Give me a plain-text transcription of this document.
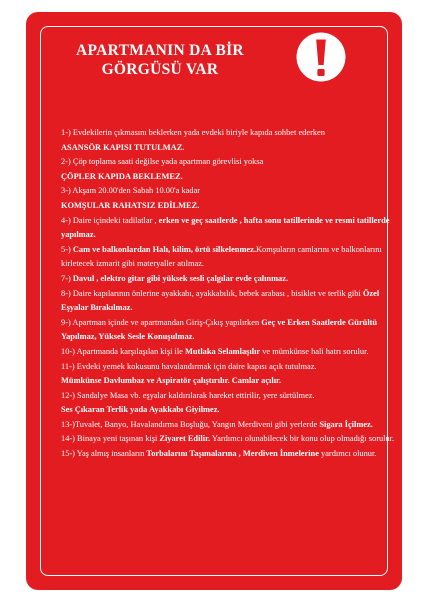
APARTMANIN DA BİR
GÖRGÜSÜ VAR

1-) Evdekilerin çıkmasını beklerken yada evdeki biriyle kapıda sohbet ederken
ASANSÖR KAPISI TUTULMAZ.

2-) Çöp toplama saati değilse yada apartman görevlisi yoksa
ÇÖPLER KAPIDA BEKLEMEZ.

3-) Akşam 20.00'den Sabah 10.00'a kadar
KOMŞULAR RAHATSIZ EDİLMEZ.

4-) Daire içindeki tadilatlar , erken ve geç saatlerde , hafta sonu tatillerinde ve resmi tatillerde yapılmaz.

5-) Cam ve balkonlardan Halı, kilim, örtü silkelenmez.Komşuların camlarını ve balkonlarını kirletecek izmarit gibi materyaller atılmaz.

7-) Davul , elektro gitar gibi yüksek sesli çalgılar evde çalınmaz.

8-) Daire kapılarının önlerine ayakkabı, ayakkabılık, bebek arabası , bisiklet ve terlik gibi Özel Eşyalar Bırakılmaz.

9-) Apartman içinde ve apartmandan Giriş-Çıkış yapılırken Geç ve Erken Saatlerde Gürültü Yapılmaz, Yüksek Sesle Konuşulmaz.

10-) Apartmanda karşılaşılan kişi ile Mutlaka Selamlaşılır ve mümkünse hali hatrı sorulur.

11-) Evdeki yemek kokusunu havalandırmak için daire kapısı açık tutulmaz.
Mümkünse Davlumbaz ve Aspiratör çalıştırılır. Camlar açılır.

12-) Sandalye Masa vb. eşyalar kaldırılarak hareket ettirilir, yere sürtülmez.
Ses Çıkaran Terlik yada Ayakkabı Giyilmez.

13-)Tuvalet, Banyo, Havalandırma Boşluğu, Yangın Merdiveni gibi yerlerde Sigara İçilmez.

14-) Binaya yeni taşınan kişi Ziyaret Edilir. Yardımcı olunabilecek bir konu olup olmadığı sorulur.

15-) Yaş almış insanların Torbalarını Taşımalarına , Merdiven İnmelerine yardımcı olunur.
